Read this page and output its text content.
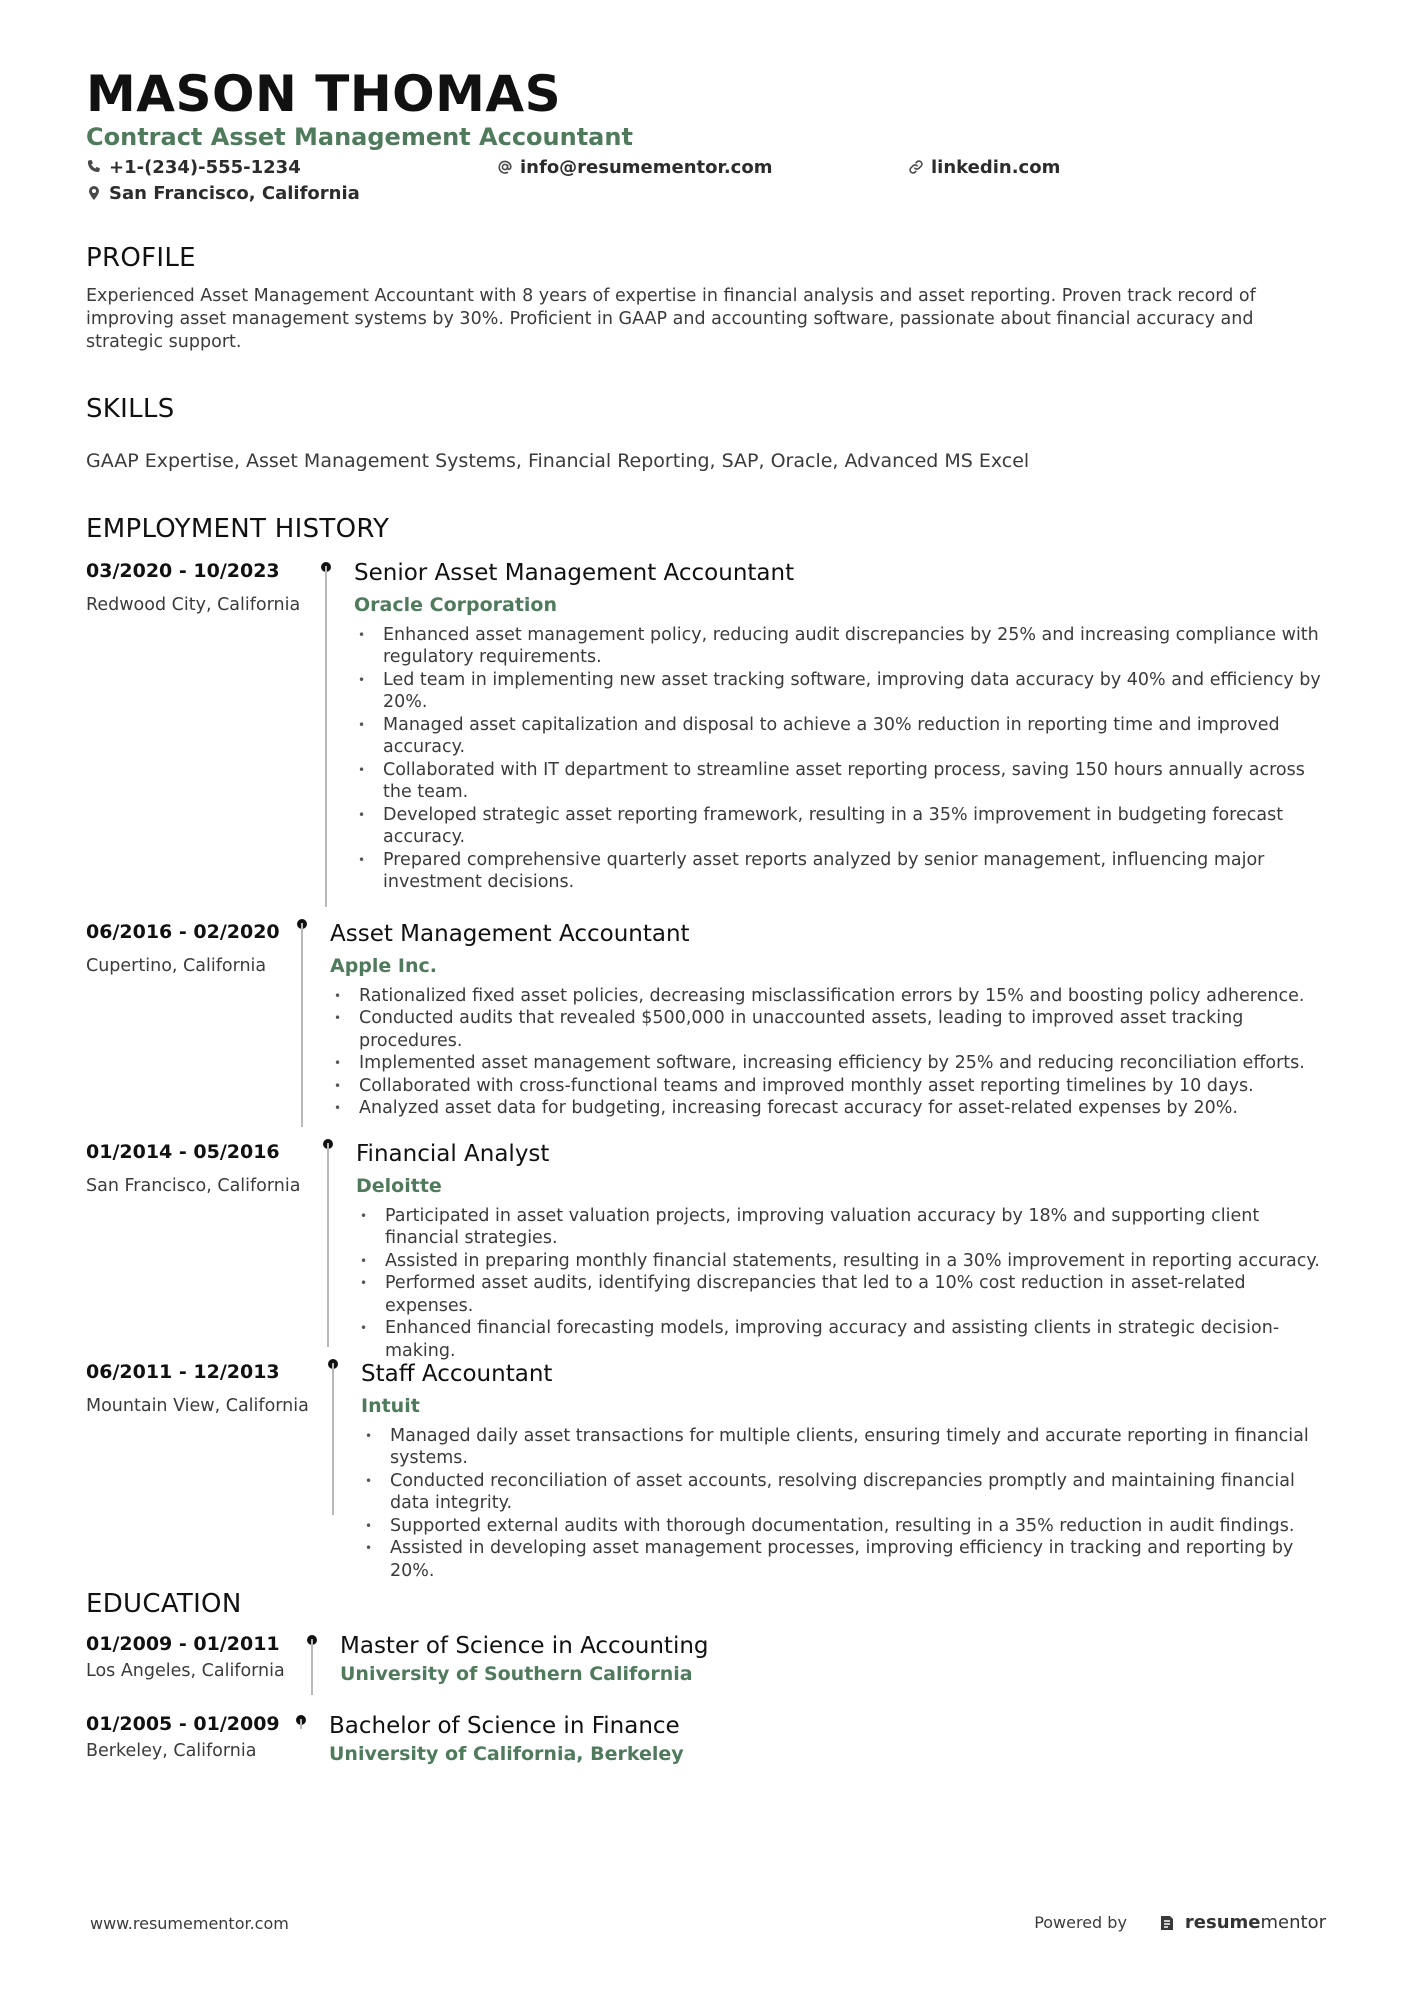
MASON THOMAS
Contract Asset Management Accountant
+1-(234)-555-1234	info@resumementor.com	linkedin.com
San Francisco, California
PROFILE
Experienced Asset Management Accountant with 8 years of expertise in financial analysis and asset reporting. Proven track record of improving asset management systems by 30%. Proficient in GAAP and accounting software, passionate about financial accuracy and strategic support.
SKILLS
GAAP Expertise, Asset Management Systems, Financial Reporting, SAP, Oracle, Advanced MS Excel
EMPLOYMENT HISTORY
03/2020 - 10/2023
Redwood City, California
Senior Asset Management Accountant
Oracle Corporation
• Enhanced asset management policy, reducing audit discrepancies by 25% and increasing compliance with regulatory requirements.
• Led team in implementing new asset tracking software, improving data accuracy by 40% and efficiency by 20%.
• Managed asset capitalization and disposal to achieve a 30% reduction in reporting time and improved accuracy.
• Collaborated with IT department to streamline asset reporting process, saving 150 hours annually across the team.
• Developed strategic asset reporting framework, resulting in a 35% improvement in budgeting forecast accuracy.
• Prepared comprehensive quarterly asset reports analyzed by senior management, influencing major investment decisions.
06/2016 - 02/2020
Cupertino, California
Asset Management Accountant
Apple Inc.
• Rationalized fixed asset policies, decreasing misclassification errors by 15% and boosting policy adherence.
• Conducted audits that revealed $500,000 in unaccounted assets, leading to improved asset tracking procedures.
• Implemented asset management software, increasing efficiency by 25% and reducing reconciliation efforts.
• Collaborated with cross-functional teams and improved monthly asset reporting timelines by 10 days.
• Analyzed asset data for budgeting, increasing forecast accuracy for asset-related expenses by 20%.
01/2014 - 05/2016
San Francisco, California
Financial Analyst
Deloitte
• Participated in asset valuation projects, improving valuation accuracy by 18% and supporting client financial strategies.
• Assisted in preparing monthly financial statements, resulting in a 30% improvement in reporting accuracy.
• Performed asset audits, identifying discrepancies that led to a 10% cost reduction in asset-related expenses.
• Enhanced financial forecasting models, improving accuracy and assisting clients in strategic decision-making.
06/2011 - 12/2013
Mountain View, California
Staff Accountant
Intuit
• Managed daily asset transactions for multiple clients, ensuring timely and accurate reporting in financial systems.
• Conducted reconciliation of asset accounts, resolving discrepancies promptly and maintaining financial data integrity.
• Supported external audits with thorough documentation, resulting in a 35% reduction in audit findings.
• Assisted in developing asset management processes, improving efficiency in tracking and reporting by 20%.
EDUCATION
01/2009 - 01/2011
Los Angeles, California
Master of Science in Accounting
University of Southern California
01/2005 - 01/2009
Berkeley, California
Bachelor of Science in Finance
University of California, Berkeley
www.resumementor.com	Powered by	resumementor
